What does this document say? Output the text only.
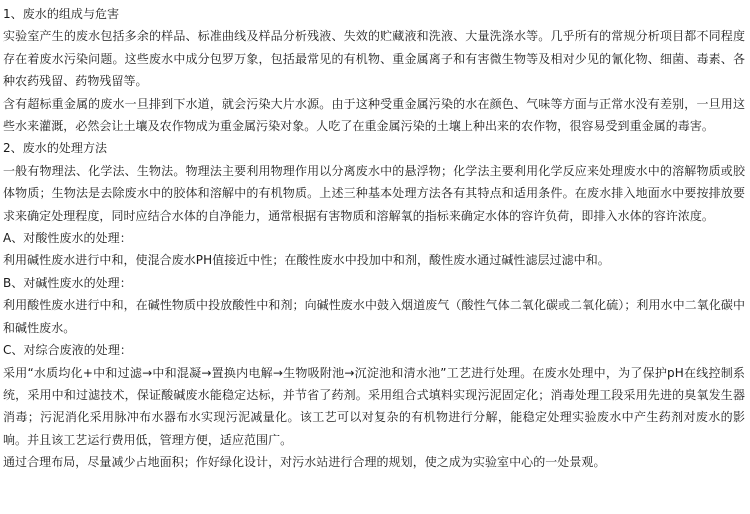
1、废水的组成与危害

实验室产生的废水包括多余的样品、标准曲线及样品分析残液、失效的贮藏液和洗液、大量洗涤水等。几乎所有的常规分析项目都不同程度存在着废水污染问题。这些废水中成分包罗万象，包括最常见的有机物、重金属离子和有害微生物等及相对少见的氰化物、细菌、毒素、各种农药残留、药物残留等。

含有超标重金属的废水一旦排到下水道，就会污染大片水源。由于这种受重金属污染的水在颜色、气味等方面与正常水没有差别，一旦用这些水来灌溉，必然会让土壤及农作物成为重金属污染对象。人吃了在重金属污染的土壤上种出来的农作物，很容易受到重金属的毒害。

2、废水的处理方法

一般有物理法、化学法、生物法。物理法主要利用物理作用以分离废水中的悬浮物；化学法主要利用化学反应来处理废水中的溶解物质或胶体物质；生物法是去除废水中的胶体和溶解中的有机物质。上述三种基本处理方法各有其特点和适用条件。在废水排入地面水中要按排放要求来确定处理程度，同时应结合水体的自净能力，通常根据有害物质和溶解氧的指标来确定水体的容许负荷，即排入水体的容许浓度。

A、对酸性废水的处理：

利用碱性废水进行中和，使混合废水PH值接近中性；在酸性废水中投加中和剂，酸性废水通过碱性滤层过滤中和。

B、对碱性废水的处理：

利用酸性废水进行中和，在碱性物质中投放酸性中和剂；向碱性废水中鼓入烟道废气（酸性气体二氧化碳或二氧化硫）；利用水中二氧化碳中和碱性废水。

C、对综合废液的处理：

采用“水质均化+中和过滤→中和混凝→置换内电解→生物吸附池→沉淀池和清水池”工艺进行处理。在废水处理中，为了保护pH在线控制系统，采用中和过滤技术，保证酸碱废水能稳定达标，并节省了药剂。采用组合式填料实现污泥固定化；消毒处理工段采用先进的臭氧发生器消毒；污泥消化采用脉冲布水器布水实现污泥减量化。该工艺可以对复杂的有机物进行分解，能稳定处理实验废水中产生药剂对废水的影响。并且该工艺运行费用低，管理方便，适应范围广。

通过合理布局，尽量减少占地面积；作好绿化设计，对污水站进行合理的规划，使之成为实验室中心的一处景观。
